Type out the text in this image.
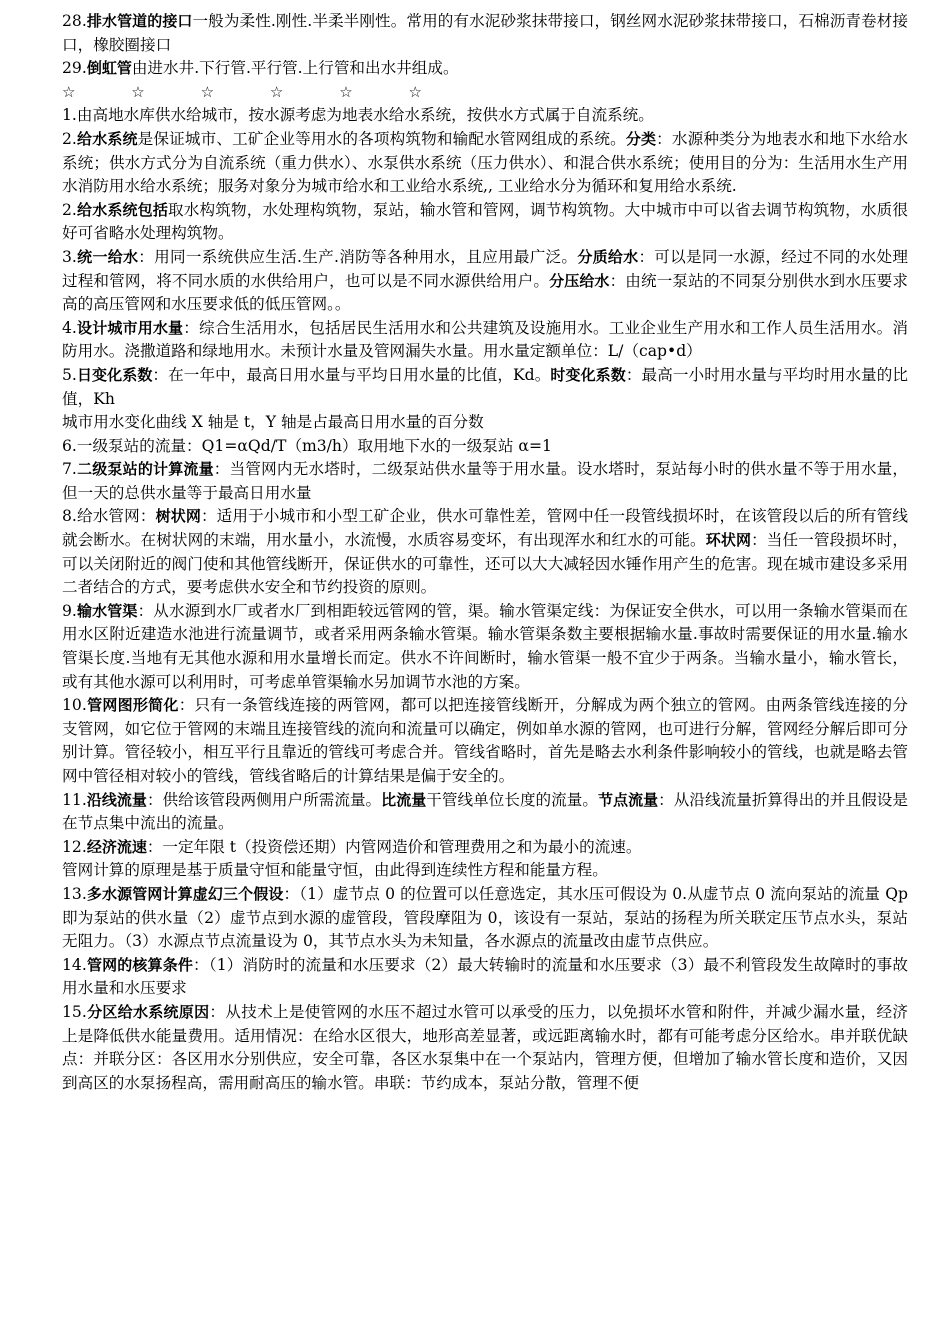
28.排水管道的接口一般为柔性.刚性.半柔半刚性。常用的有水泥砂浆抹带接口，钢丝网水泥砂浆抹带接口，石棉沥青卷材接口，橡胶圈接口

29.倒虹管由进水井.下行管.平行管.上行管和出水井组成。

☆	☆	☆	☆	☆	☆

1.由高地水库供水给城市，按水源考虑为地表水给水系统，按供水方式属于自流系统。

2.给水系统是保证城市、工矿企业等用水的各项构筑物和输配水管网组成的系统。分类：水源种类分为地表水和地下水给水系统；供水方式分为自流系统（重力供水）、水泵供水系统（压力供水）、和混合供水系统；使用目的分为：生活用水生产用水消防用水给水系统；服务对象分为城市给水和工业给水系统,, 工业给水分为循环和复用给水系统.

2.给水系统包括取水构筑物，水处理构筑物，泵站，输水管和管网，调节构筑物。大中城市中可以省去调节构筑物，水质很好可省略水处理构筑物。

3.统一给水：用同一系统供应生活.生产.消防等各种用水，且应用最广泛。分质给水：可以是同一水源，经过不同的水处理过程和管网，将不同水质的水供给用户，也可以是不同水源供给用户。分压给水：由统一泵站的不同泵分别供水到水压要求高的高压管网和水压要求低的低压管网。。

4.设计城市用水量：综合生活用水，包括居民生活用水和公共建筑及设施用水。工业企业生产用水和工作人员生活用水。消防用水。浇撒道路和绿地用水。未预计水量及管网漏失水量。用水量定额单位：L/（cap•d）

5.日变化系数：在一年中，最高日用水量与平均日用水量的比值，Kd。时变化系数：最高一小时用水量与平均时用水量的比值，Kh

城市用水变化曲线 X 轴是 t，Y 轴是占最高日用水量的百分数

6.一级泵站的流量：Q1=αQd/T（m3/h）取用地下水的一级泵站 α=1

7.二级泵站的计算流量：当管网内无水塔时，二级泵站供水量等于用水量。设水塔时，泵站每小时的供水量不等于用水量，但一天的总供水量等于最高日用水量

8.给水管网：树状网：适用于小城市和小型工矿企业，供水可靠性差，管网中任一段管线损坏时，在该管段以后的所有管线就会断水。在树状网的末端，用水量小，水流慢，水质容易变坏，有出现浑水和红水的可能。环状网：当任一管段损坏时，可以关闭附近的阀门使和其他管线断开，保证供水的可靠性，还可以大大减轻因水锤作用产生的危害。现在城市建设多采用二者结合的方式，要考虑供水安全和节约投资的原则。

9.输水管渠：从水源到水厂或者水厂到相距较远管网的管，渠。输水管渠定线：为保证安全供水，可以用一条输水管渠而在用水区附近建造水池进行流量调节，或者采用两条输水管渠。输水管渠条数主要根据输水量.事故时需要保证的用水量.输水管渠长度.当地有无其他水源和用水量增长而定。供水不许间断时，输水管渠一般不宜少于两条。当输水量小，输水管长，或有其他水源可以利用时，可考虑单管渠输水另加调节水池的方案。

10.管网图形简化：只有一条管线连接的两管网，都可以把连接管线断开，分解成为两个独立的管网。由两条管线连接的分支管网，如它位于管网的末端且连接管线的流向和流量可以确定，例如单水源的管网，也可进行分解，管网经分解后即可分别计算。管径较小，相互平行且靠近的管线可考虑合并。管线省略时，首先是略去水利条件影响较小的管线，也就是略去管网中管径相对较小的管线，管线省略后的计算结果是偏于安全的。

11.沿线流量：供给该管段两侧用户所需流量。比流量干管线单位长度的流量。节点流量：从沿线流量折算得出的并且假设是在节点集中流出的流量。

12.经济流速：一定年限 t（投资偿还期）内管网造价和管理费用之和为最小的流速。

管网计算的原理是基于质量守恒和能量守恒，由此得到连续性方程和能量方程。

13.多水源管网计算虚幻三个假设：（1）虚节点 0 的位置可以任意选定，其水压可假设为 0.从虚节点 0 流向泵站的流量 Qp 即为泵站的供水量（2）虚节点到水源的虚管段，管段摩阻为 0，该设有一泵站，泵站的扬程为所关联定压节点水头，泵站无阻力。（3）水源点节点流量设为 0，其节点水头为未知量，各水源点的流量改由虚节点供应。

14.管网的核算条件：（1）消防时的流量和水压要求（2）最大转输时的流量和水压要求（3）最不利管段发生故障时的事故用水量和水压要求

15.分区给水系统原因：从技术上是使管网的水压不超过水管可以承受的压力，以免损坏水管和附件，并减少漏水量，经济上是降低供水能量费用。适用情况：在给水区很大，地形高差显著，或远距离输水时，都有可能考虑分区给水。串并联优缺点：并联分区：各区用水分别供应，安全可靠，各区水泵集中在一个泵站内，管理方便，但增加了输水管长度和造价，又因到高区的水泵扬程高，需用耐高压的输水管。串联：节约成本，泵站分散，管理不便
